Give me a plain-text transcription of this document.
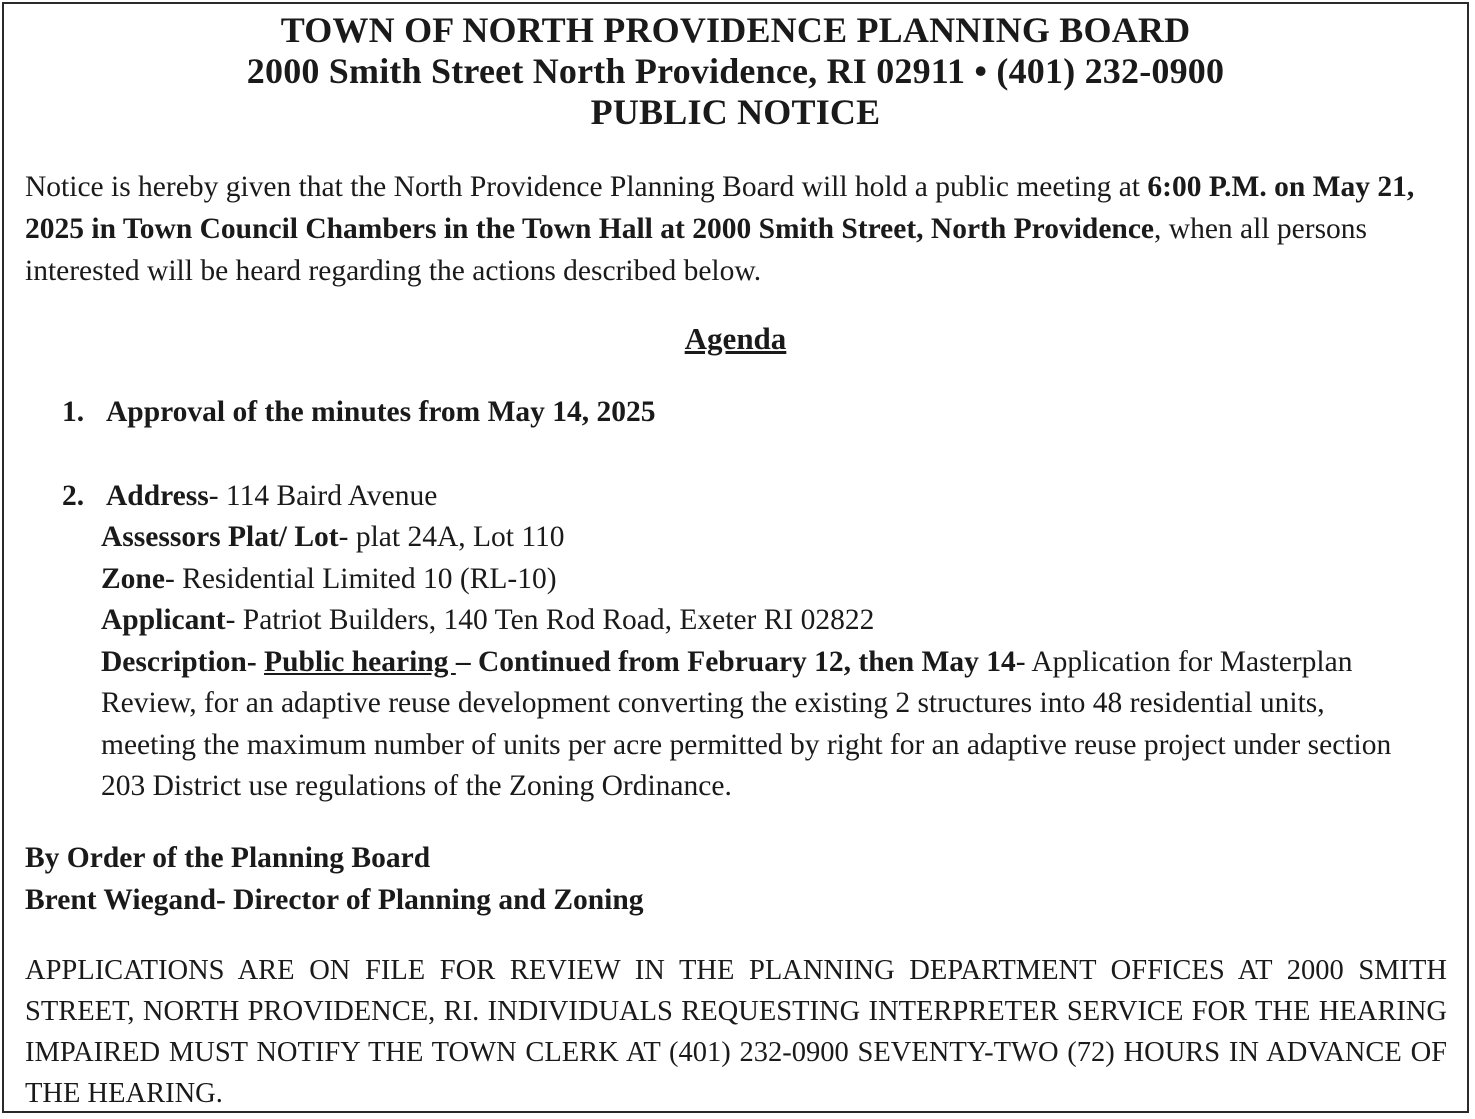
TOWN OF NORTH PROVIDENCE PLANNING BOARD
2000 Smith Street North Providence, RI 02911 • (401) 232-0900
PUBLIC NOTICE
Notice is hereby given that the North Providence Planning Board will hold a public meeting at 6:00 P.M. on May 21, 2025 in Town Council Chambers in the Town Hall at 2000 Smith Street, North Providence, when all persons interested will be heard regarding the actions described below.
Agenda
1. Approval of the minutes from May 14, 2025
2. Address- 114 Baird Avenue
Assessors Plat/ Lot- plat 24A, Lot 110
Zone- Residential Limited 10 (RL-10)
Applicant- Patriot Builders, 140 Ten Rod Road, Exeter RI 02822
Description- Public hearing – Continued from February 12, then May 14- Application for Masterplan Review, for an adaptive reuse development converting the existing 2 structures into 48 residential units, meeting the maximum number of units per acre permitted by right for an adaptive reuse project under section 203 District use regulations of the Zoning Ordinance.
By Order of the Planning Board
Brent Wiegand- Director of Planning and Zoning
APPLICATIONS ARE ON FILE FOR REVIEW IN THE PLANNING DEPARTMENT OFFICES AT 2000 SMITH STREET, NORTH PROVIDENCE, RI. INDIVIDUALS REQUESTING INTERPRETER SERVICE FOR THE HEARING IMPAIRED MUST NOTIFY THE TOWN CLERK AT (401) 232-0900 SEVENTY-TWO (72) HOURS IN ADVANCE OF THE HEARING.
